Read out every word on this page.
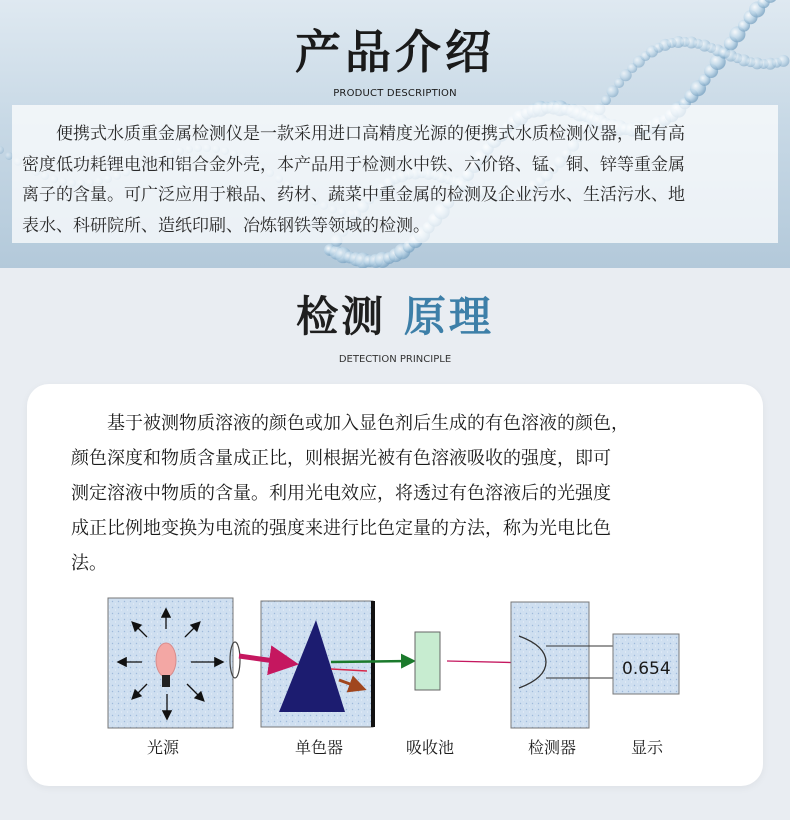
产品介绍
PRODUCT DESCRIPTION
便携式水质重金属检测仪是一款采用进口高精度光源的便携式水质检测仪器，配有高
密度低功耗锂电池和铝合金外壳，本产品用于检测水中铁、六价铬、锰、铜、锌等重金属
离子的含量。可广泛应用于粮品、药材、蔬菜中重金属的检测及企业污水、生活污水、地
表水、科研院所、造纸印刷、冶炼钢铁等领域的检测。
检测 原理
DETECTION PRINCIPLE
基于被测物质溶液的颜色或加入显色剂后生成的有色溶液的颜色，
颜色深度和物质含量成正比，则根据光被有色溶液吸收的强度，即可
测定溶液中物质的含量。利用光电效应，将透过有色溶液后的光强度
成正比例地变换为电流的强度来进行比色定量的方法，称为光电比色
法。
0.654
光源	单色器	吸收池	检测器	显示
